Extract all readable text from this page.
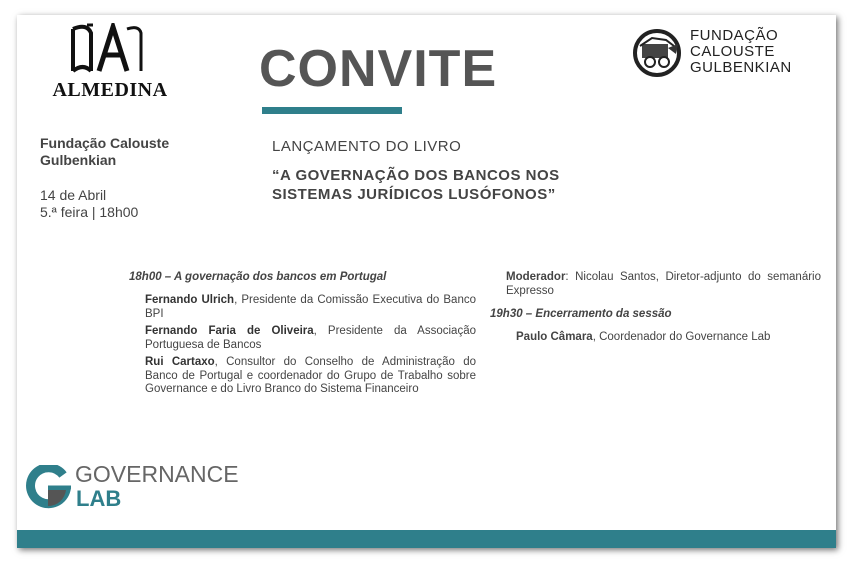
ALMEDINA CONVITE
FUNDAÇÃO
CALOUSTE
GULBENKIAN
Fundação Calouste
Gulbenkian
14 de Abril
5.ª feira | 18h00
LANÇAMENTO DO LIVRO
“A GOVERNAÇÃO DOS BANCOS NOS
SISTEMAS JURÍDICOS LUSÓFONOS”
18h00 – A governação dos bancos em Portugal
Fernando Ulrich, Presidente da Comissão Executiva do Banco BPI
Fernando Faria de Oliveira, Presidente da Associação Portuguesa de Bancos
Rui Cartaxo, Consultor do Conselho de Administração do Banco de Portugal e coordenador do Grupo de Trabalho sobre Governance e do Livro Branco do Sistema Financeiro
Moderador: Nicolau Santos, Diretor-adjunto do semanário Expresso
19h30 – Encerramento da sessão
Paulo Câmara, Coordenador do Governance Lab
GOVERNANCE
LAB
